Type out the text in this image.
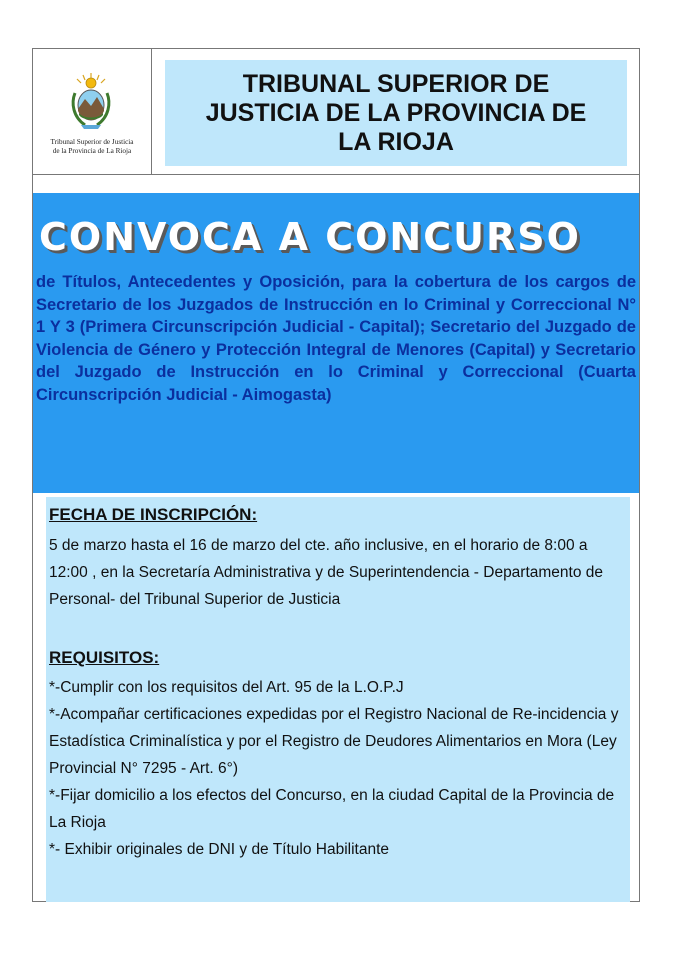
Tribunal Superior de Justicia
de la Provincia de La Rioja
TRIBUNAL SUPERIOR DE JUSTICIA DE LA PROVINCIA DE LA RIOJA
CONVOCA A CONCURSO
de Títulos, Antecedentes y Oposición, para la cobertura de los cargos de Secretario de los Juzgados de Instrucción en lo Criminal y Correccional N° 1 Y 3 (Primera Circunscripción Judicial - Capital); Secretario del Juzgado de Violencia de Género y Protección Integral de Menores (Capital) y Secretario del Juzgado de Instrucción en lo Criminal y Correccional (Cuarta Circunscripción Judicial - Aimogasta)
FECHA DE INSCRIPCIÓN:
5 de marzo hasta el 16 de marzo del cte. año inclusive, en el horario de 8:00 a 12:00 , en la Secretaría Administrativa y de Superintendencia - Departamento de Personal- del Tribunal Superior de Justicia
REQUISITOS:
*-Cumplir con los requisitos del Art. 95 de la L.O.P.J
*-Acompañar certificaciones expedidas por el Registro Nacional de Re-incidencia y Estadística Criminalística y por el Registro de Deudores Alimentarios en Mora (Ley Provincial N° 7295 - Art. 6°)
*-Fijar domicilio a los efectos del Concurso, en la ciudad Capital de la Provincia de La Rioja
*- Exhibir originales de DNI y de Título Habilitante
